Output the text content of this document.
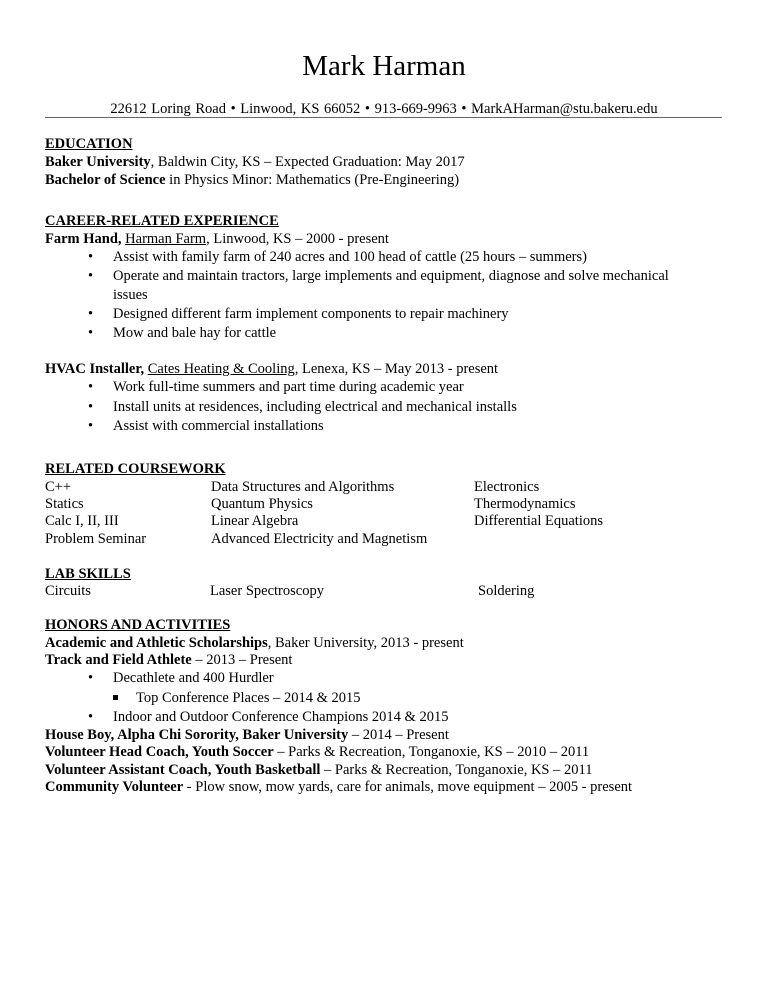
Mark Harman
22612 Loring Road • Linwood, KS 66052 • 913-669-9963 • MarkAHarman@stu.bakeru.edu
EDUCATION
Baker University, Baldwin City, KS – Expected Graduation: May 2017
Bachelor of Science in Physics Minor: Mathematics (Pre-Engineering)
CAREER-RELATED EXPERIENCE
Farm Hand, Harman Farm, Linwood, KS – 2000 - present
• Assist with family farm of 240 acres and 100 head of cattle (25 hours – summers)
• Operate and maintain tractors, large implements and equipment, diagnose and solve mechanical
issues
• Designed different farm implement components to repair machinery
• Mow and bale hay for cattle
HVAC Installer, Cates Heating & Cooling, Lenexa, KS – May 2013 - present
• Work full-time summers and part time during academic year
• Install units at residences, including electrical and mechanical installs
• Assist with commercial installations
RELATED COURSEWORK
C++	Data Structures and Algorithms	Electronics
Statics	Quantum Physics	Thermodynamics
Calc I, II, III	Linear Algebra	Differential Equations
Problem Seminar	Advanced Electricity and Magnetism
LAB SKILLS
Circuits	Laser Spectroscopy	Soldering
HONORS AND ACTIVITIES
Academic and Athletic Scholarships, Baker University, 2013 - present
Track and Field Athlete – 2013 – Present
• Decathlete and 400 Hurdler
Top Conference Places – 2014 & 2015
• Indoor and Outdoor Conference Champions 2014 & 2015
House Boy, Alpha Chi Sorority, Baker University – 2014 – Present
Volunteer Head Coach, Youth Soccer – Parks & Recreation, Tonganoxie, KS – 2010 – 2011
Volunteer Assistant Coach, Youth Basketball – Parks & Recreation, Tonganoxie, KS – 2011
Community Volunteer - Plow snow, mow yards, care for animals, move equipment – 2005 - present
